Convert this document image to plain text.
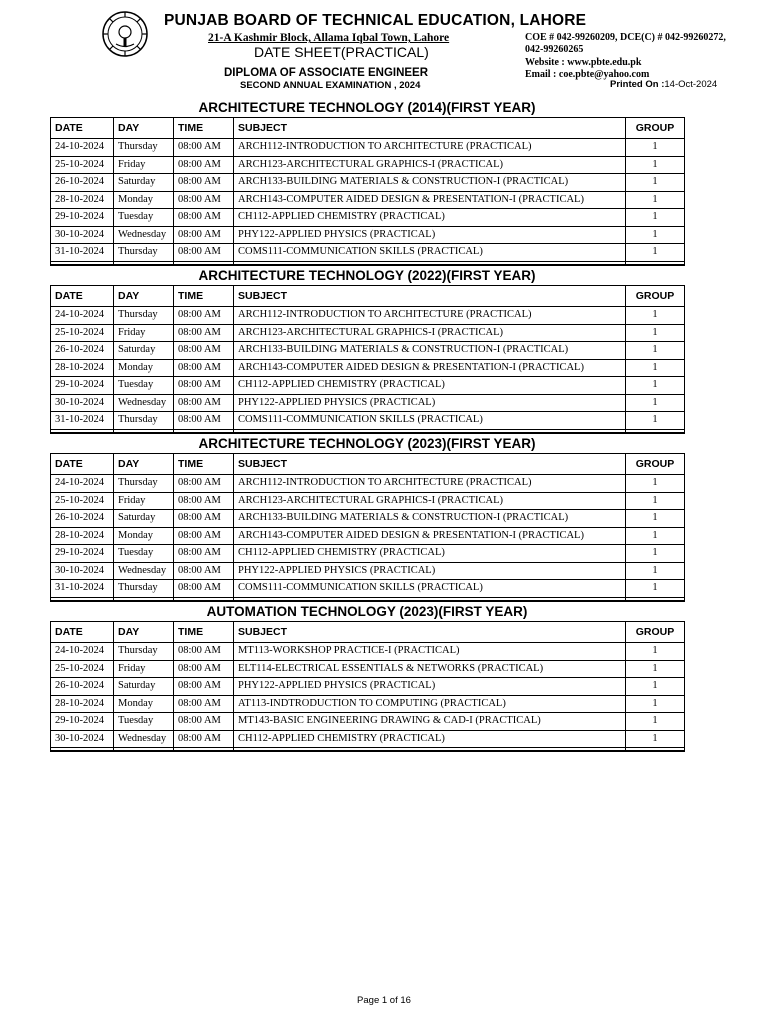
PUNJAB BOARD OF TECHNICAL EDUCATION, LAHORE
21-A Kashmir Block, Allama Iqbal Town, Lahore
DATE SHEET(PRACTICAL)
DIPLOMA OF ASSOCIATE ENGINEER
SECOND ANNUAL EXAMINATION , 2024
COE # 042-99260209, DCE(C) # 042-99260272,
042-99260265
Website : www.pbte.edu.pk
Email : coe.pbte@yahoo.com
Printed On :14-Oct-2024
ARCHITECTURE TECHNOLOGY (2014)(FIRST YEAR)
DATE	DAY	TIME	SUBJECT	GROUP
24-10-2024	Thursday	08:00 AM	ARCH112-INTRODUCTION TO ARCHITECTURE (PRACTICAL)	1
25-10-2024	Friday	08:00 AM	ARCH123-ARCHITECTURAL GRAPHICS-I (PRACTICAL)	1
26-10-2024	Saturday	08:00 AM	ARCH133-BUILDING MATERIALS & CONSTRUCTION-I (PRACTICAL)	1
28-10-2024	Monday	08:00 AM	ARCH143-COMPUTER AIDED DESIGN & PRESENTATION-I (PRACTICAL)	1
29-10-2024	Tuesday	08:00 AM	CH112-APPLIED CHEMISTRY (PRACTICAL)	1
30-10-2024	Wednesday	08:00 AM	PHY122-APPLIED PHYSICS (PRACTICAL)	1
31-10-2024	Thursday	08:00 AM	COMS111-COMMUNICATION SKILLS (PRACTICAL)	1

ARCHITECTURE TECHNOLOGY (2022)(FIRST YEAR)
DATE	DAY	TIME	SUBJECT	GROUP
24-10-2024	Thursday	08:00 AM	ARCH112-INTRODUCTION TO ARCHITECTURE (PRACTICAL)	1
25-10-2024	Friday	08:00 AM	ARCH123-ARCHITECTURAL GRAPHICS-I (PRACTICAL)	1
26-10-2024	Saturday	08:00 AM	ARCH133-BUILDING MATERIALS & CONSTRUCTION-I (PRACTICAL)	1
28-10-2024	Monday	08:00 AM	ARCH143-COMPUTER AIDED DESIGN & PRESENTATION-I (PRACTICAL)	1
29-10-2024	Tuesday	08:00 AM	CH112-APPLIED CHEMISTRY (PRACTICAL)	1
30-10-2024	Wednesday	08:00 AM	PHY122-APPLIED PHYSICS (PRACTICAL)	1
31-10-2024	Thursday	08:00 AM	COMS111-COMMUNICATION SKILLS (PRACTICAL)	1

ARCHITECTURE TECHNOLOGY (2023)(FIRST YEAR)
DATE	DAY	TIME	SUBJECT	GROUP
24-10-2024	Thursday	08:00 AM	ARCH112-INTRODUCTION TO ARCHITECTURE (PRACTICAL)	1
25-10-2024	Friday	08:00 AM	ARCH123-ARCHITECTURAL GRAPHICS-I (PRACTICAL)	1
26-10-2024	Saturday	08:00 AM	ARCH133-BUILDING MATERIALS & CONSTRUCTION-I (PRACTICAL)	1
28-10-2024	Monday	08:00 AM	ARCH143-COMPUTER AIDED DESIGN & PRESENTATION-I (PRACTICAL)	1
29-10-2024	Tuesday	08:00 AM	CH112-APPLIED CHEMISTRY (PRACTICAL)	1
30-10-2024	Wednesday	08:00 AM	PHY122-APPLIED PHYSICS (PRACTICAL)	1
31-10-2024	Thursday	08:00 AM	COMS111-COMMUNICATION SKILLS (PRACTICAL)	1

AUTOMATION TECHNOLOGY (2023)(FIRST YEAR)
DATE	DAY	TIME	SUBJECT	GROUP
24-10-2024	Thursday	08:00 AM	MT113-WORKSHOP PRACTICE-I (PRACTICAL)	1
25-10-2024	Friday	08:00 AM	ELT114-ELECTRICAL ESSENTIALS & NETWORKS (PRACTICAL)	1
26-10-2024	Saturday	08:00 AM	PHY122-APPLIED PHYSICS (PRACTICAL)	1
28-10-2024	Monday	08:00 AM	AT113-INDTRODUCTION TO COMPUTING (PRACTICAL)	1
29-10-2024	Tuesday	08:00 AM	MT143-BASIC ENGINEERING DRAWING & CAD-I (PRACTICAL)	1
30-10-2024	Wednesday	08:00 AM	CH112-APPLIED CHEMISTRY (PRACTICAL)	1

Page 1 of 16
